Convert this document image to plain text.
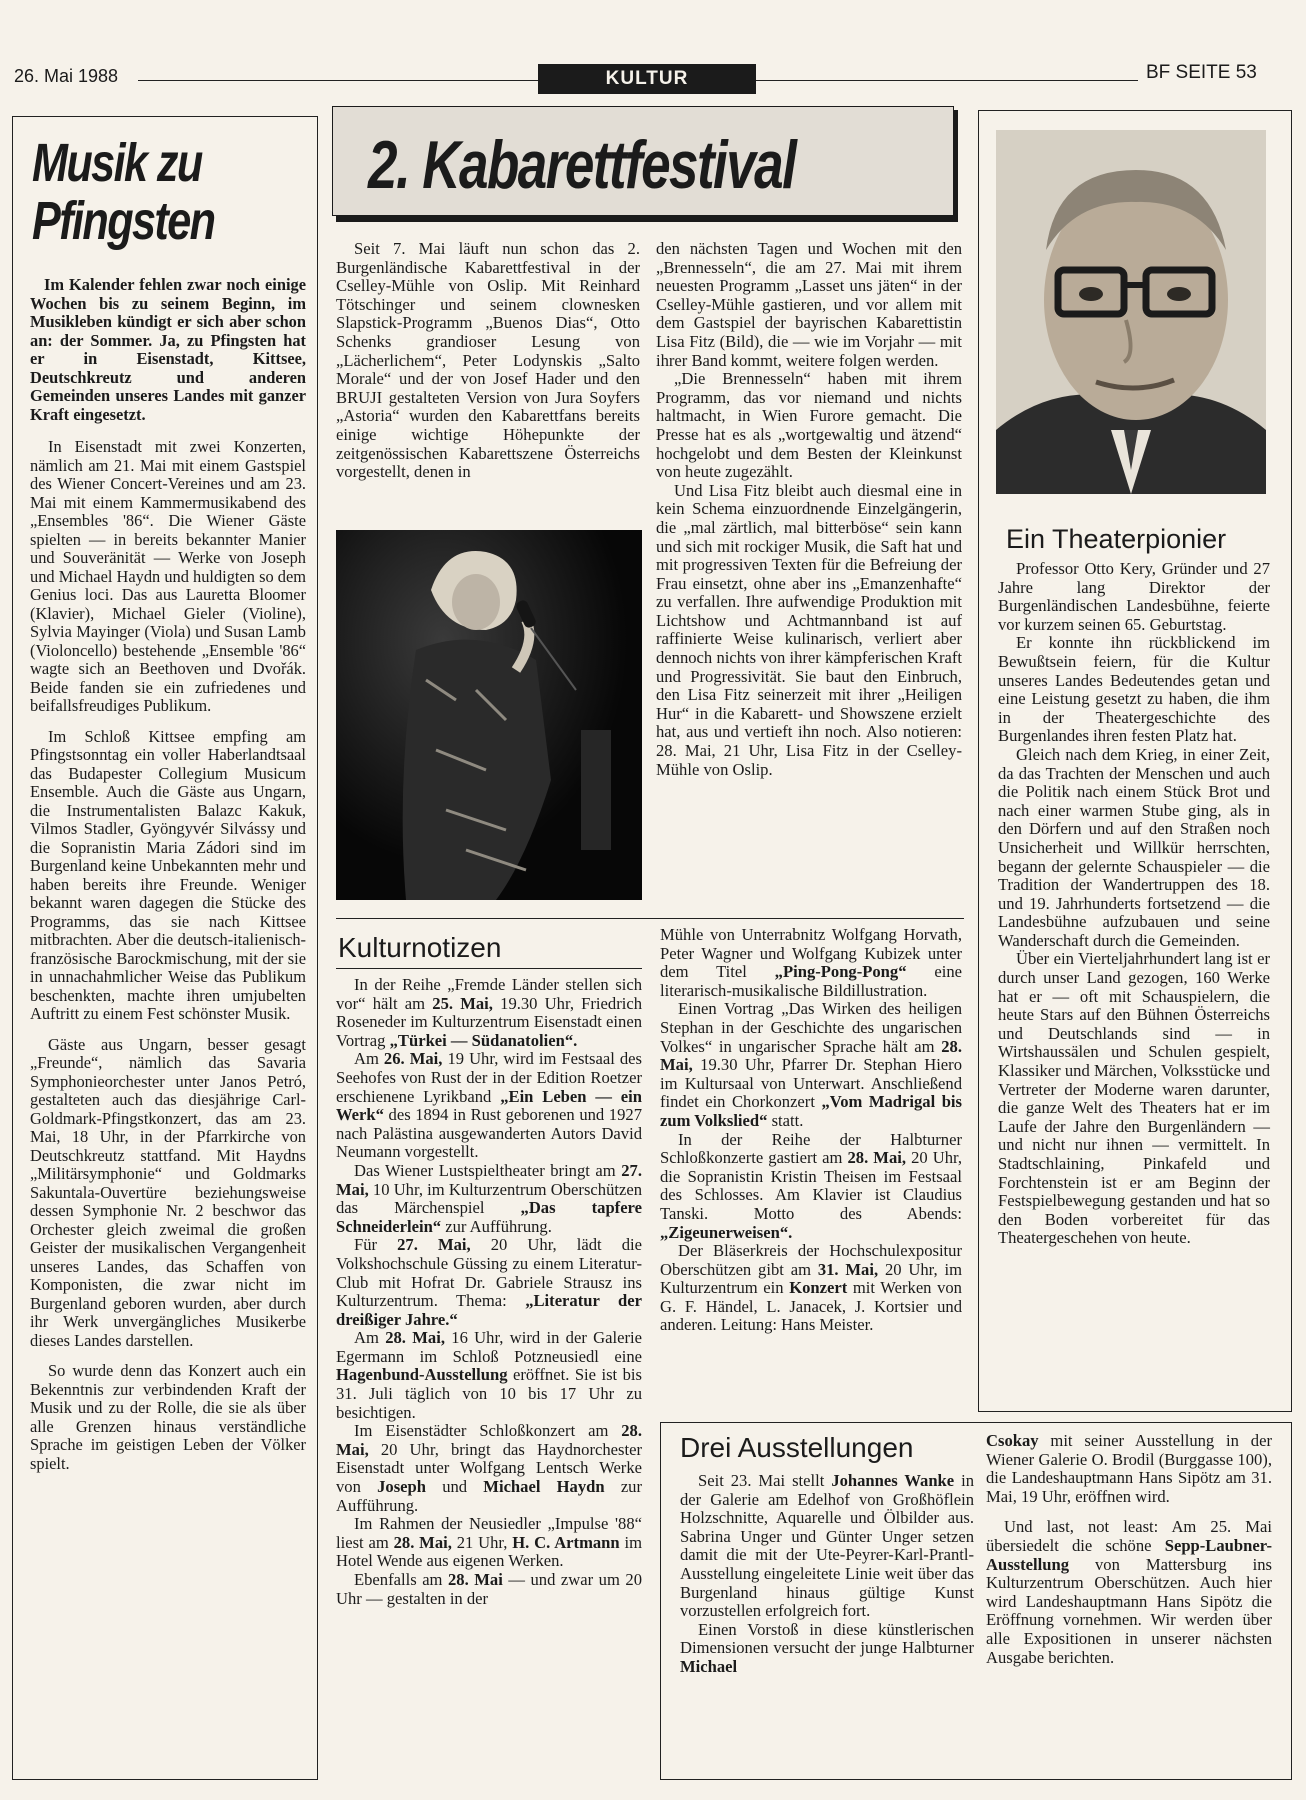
26. Mai 1988	KULTUR	BF SEITE 53
Musik zu
Pfingsten

Im Kalender fehlen zwar noch einige Wochen bis zu seinem Beginn, im Musikleben kündigt er sich aber schon an: der Sommer. Ja, zu Pfingsten hat er in Eisenstadt, Kittsee, Deutschkreutz und anderen Gemeinden unseres Landes mit ganzer Kraft eingesetzt.

In Eisenstadt mit zwei Konzerten, nämlich am 21. Mai mit einem Gastspiel des Wiener Concert-Vereines und am 23. Mai mit einem Kammermusikabend des „Ensembles '86“. Die Wiener Gäste spielten — in bereits bekannter Manier und Souveränität — Werke von Joseph und Michael Haydn und huldigten so dem Genius loci. Das aus Lauretta Bloomer (Klavier), Michael Gieler (Violine), Sylvia Mayinger (Viola) und Susan Lamb (Violoncello) bestehende „Ensemble '86“ wagte sich an Beethoven und Dvořák. Beide fanden sie ein zufriedenes und beifallsfreudiges Publikum.

Im Schloß Kittsee empfing am Pfingstsonntag ein voller Haberlandtsaal das Budapester Collegium Musicum Ensemble. Auch die Gäste aus Ungarn, die Instrumentalisten Balazc Kakuk, Vilmos Stadler, Gyöngyvér Silvássy und die Sopranistin Maria Zádori sind im Burgenland keine Unbekannten mehr und haben bereits ihre Freunde. Weniger bekannt waren dagegen die Stücke des Programms, das sie nach Kittsee mitbrachten. Aber die deutsch-italienisch-französische Barockmischung, mit der sie in unnachahmlicher Weise das Publikum beschenkten, machte ihren umjubelten Auftritt zu einem Fest schönster Musik.

Gäste aus Ungarn, besser gesagt „Freunde“, nämlich das Savaria Symphonieorchester unter Janos Petró, gestalteten auch das diesjährige Carl-Goldmark-Pfingstkonzert, das am 23. Mai, 18 Uhr, in der Pfarrkirche von Deutschkreutz stattfand. Mit Haydns „Militärsymphonie“ und Goldmarks Sakuntala-Ouvertüre beziehungsweise dessen Symphonie Nr. 2 beschwor das Orchester gleich zweimal die großen Geister der musikalischen Vergangenheit unseres Landes, das Schaffen von Komponisten, die zwar nicht im Burgenland geboren wurden, aber durch ihr Werk unvergängliches Musikerbe dieses Landes darstellen.

So wurde denn das Konzert auch ein Bekenntnis zur verbindenden Kraft der Musik und zu der Rolle, die sie als über alle Grenzen hinaus verständliche Sprache im geistigen Leben der Völker spielt.

2. Kabarettfestival

Seit 7. Mai läuft nun schon das 2. Burgenländische Kabarettfestival in der Cselley-Mühle von Oslip. Mit Reinhard Tötschinger und seinem clownesken Slapstick-Programm „Buenos Dias“, Otto Schenks grandioser Lesung von „Lächerlichem“, Peter Lodynskis „Salto Morale“ und der von Josef Hader und den BRUJI gestalteten Version von Jura Soyfers „Astoria“ wurden den Kabarettfans bereits einige wichtige Höhepunkte der zeitgenössischen Kabarettszene Österreichs vorgestellt, denen in

den nächsten Tagen und Wochen mit den „Brennesseln“, die am 27. Mai mit ihrem neuesten Programm „Lasset uns jäten“ in der Cselley-Mühle gastieren, und vor allem mit dem Gastspiel der bayrischen Kabarettistin Lisa Fitz (Bild), die — wie im Vorjahr — mit ihrer Band kommt, weitere folgen werden.

„Die Brennesseln“ haben mit ihrem Programm, das vor niemand und nichts haltmacht, in Wien Furore gemacht. Die Presse hat es als „wortgewaltig und ätzend“ hochgelobt und dem Besten der Kleinkunst von heute zugezählt.

Und Lisa Fitz bleibt auch diesmal eine in kein Schema einzuordnende Einzelgängerin, die „mal zärtlich, mal bitterböse“ sein kann und sich mit rockiger Musik, die Saft hat und mit progressiven Texten für die Befreiung der Frau einsetzt, ohne aber ins „Emanzenhafte“ zu verfallen. Ihre aufwendige Produktion mit Lichtshow und Achtmannband ist auf raffinierte Weise kulinarisch, verliert aber dennoch nichts von ihrer kämpferischen Kraft und Progressivität. Sie baut den Einbruch, den Lisa Fitz seinerzeit mit ihrer „Heiligen Hur“ in die Kabarett- und Showszene erzielt hat, aus und vertieft ihn noch. Also notieren: 28. Mai, 21 Uhr, Lisa Fitz in der Cselley-Mühle von Oslip.

Kulturnotizen

In der Reihe „Fremde Länder stellen sich vor“ hält am 25. Mai, 19.30 Uhr, Friedrich Roseneder im Kulturzentrum Eisenstadt einen Vortrag „Türkei — Südanatolien“.

Am 26. Mai, 19 Uhr, wird im Festsaal des Seehofes von Rust der in der Edition Roetzer erschienene Lyrikband „Ein Leben — ein Werk“ des 1894 in Rust geborenen und 1927 nach Palästina ausgewanderten Autors David Neumann vorgestellt.

Das Wiener Lustspieltheater bringt am 27. Mai, 10 Uhr, im Kulturzentrum Oberschützen das Märchenspiel „Das tapfere Schneiderlein“ zur Aufführung.

Für 27. Mai, 20 Uhr, lädt die Volkshochschule Güssing zu einem Literatur-Club mit Hofrat Dr. Gabriele Strausz ins Kulturzentrum. Thema: „Literatur der dreißiger Jahre.“

Am 28. Mai, 16 Uhr, wird in der Galerie Egermann im Schloß Potzneusiedl eine Hagenbund-Ausstellung eröffnet. Sie ist bis 31. Juli täglich von 10 bis 17 Uhr zu besichtigen.

Im Eisenstädter Schloßkonzert am 28. Mai, 20 Uhr, bringt das Haydnorchester Eisenstadt unter Wolfgang Lentsch Werke von Joseph und Michael Haydn zur Aufführung.

Im Rahmen der Neusiedler „Impulse '88“ liest am 28. Mai, 21 Uhr, H. C. Artmann im Hotel Wende aus eigenen Werken.

Ebenfalls am 28. Mai — und zwar um 20 Uhr — gestalten in der

Mühle von Unterrabnitz Wolfgang Horvath, Peter Wagner und Wolfgang Kubizek unter dem Titel „Ping-Pong-Pong“ eine literarisch-musikalische Bildillustration.

Einen Vortrag „Das Wirken des heiligen Stephan in der Geschichte des ungarischen Volkes“ in ungarischer Sprache hält am 28. Mai, 19.30 Uhr, Pfarrer Dr. Stephan Hiero im Kultursaal von Unterwart. Anschließend findet ein Chorkonzert „Vom Madrigal bis zum Volkslied“ statt.

In der Reihe der Halbturner Schloßkonzerte gastiert am 28. Mai, 20 Uhr, die Sopranistin Kristin Theisen im Festsaal des Schlosses. Am Klavier ist Claudius Tanski. Motto des Abends: „Zigeunerweisen“.

Der Bläserkreis der Hochschulexpositur Oberschützen gibt am 31. Mai, 20 Uhr, im Kulturzentrum ein Konzert mit Werken von G. F. Händel, L. Janacek, J. Kortsier und anderen. Leitung: Hans Meister.

Ein Theaterpionier

Professor Otto Kery, Gründer und 27 Jahre lang Direktor der Burgenländischen Landesbühne, feierte vor kurzem seinen 65. Geburtstag.

Er konnte ihn rückblickend im Bewußtsein feiern, für die Kultur unseres Landes Bedeutendes getan und eine Leistung gesetzt zu haben, die ihm in der Theatergeschichte des Burgenlandes ihren festen Platz hat.

Gleich nach dem Krieg, in einer Zeit, da das Trachten der Menschen und auch die Politik nach einem Stück Brot und nach einer warmen Stube ging, als in den Dörfern und auf den Straßen noch Unsicherheit und Willkür herrschten, begann der gelernte Schauspieler — die Tradition der Wandertruppen des 18. und 19. Jahrhunderts fortsetzend — die Landesbühne aufzubauen und seine Wanderschaft durch die Gemeinden.

Über ein Vierteljahrhundert lang ist er durch unser Land gezogen, 160 Werke hat er — oft mit Schauspielern, die heute Stars auf den Bühnen Österreichs und Deutschlands sind — in Wirtshaussälen und Schulen gespielt, Klassiker und Märchen, Volksstücke und Vertreter der Moderne waren darunter, die ganze Welt des Theaters hat er im Laufe der Jahre den Burgenländern — und nicht nur ihnen — vermittelt. In Stadtschlaining, Pinkafeld und Forchtenstein ist er am Beginn der Festspielbewegung gestanden und hat so den Boden vorbereitet für das Theatergeschehen von heute.

Drei Ausstellungen

Seit 23. Mai stellt Johannes Wanke in der Galerie am Edelhof von Großhöflein Holzschnitte, Aquarelle und Ölbilder aus. Sabrina Unger und Günter Unger setzen damit die mit der Ute-Peyrer-Karl-Prantl-Ausstellung eingeleitete Linie weit über das Burgenland hinaus gültige Kunst vorzustellen erfolgreich fort.

Einen Vorstoß in diese künstlerischen Dimensionen versucht der junge Halbturner Michael

Csokay mit seiner Ausstellung in der Wiener Galerie O. Brodil (Burggasse 100), die Landeshauptmann Hans Sipötz am 31. Mai, 19 Uhr, eröffnen wird.

Und last, not least: Am 25. Mai übersiedelt die schöne Sepp-Laubner-Ausstellung von Mattersburg ins Kulturzentrum Oberschützen. Auch hier wird Landeshauptmann Hans Sipötz die Eröffnung vornehmen. Wir werden über alle Expositionen in unserer nächsten Ausgabe berichten.
